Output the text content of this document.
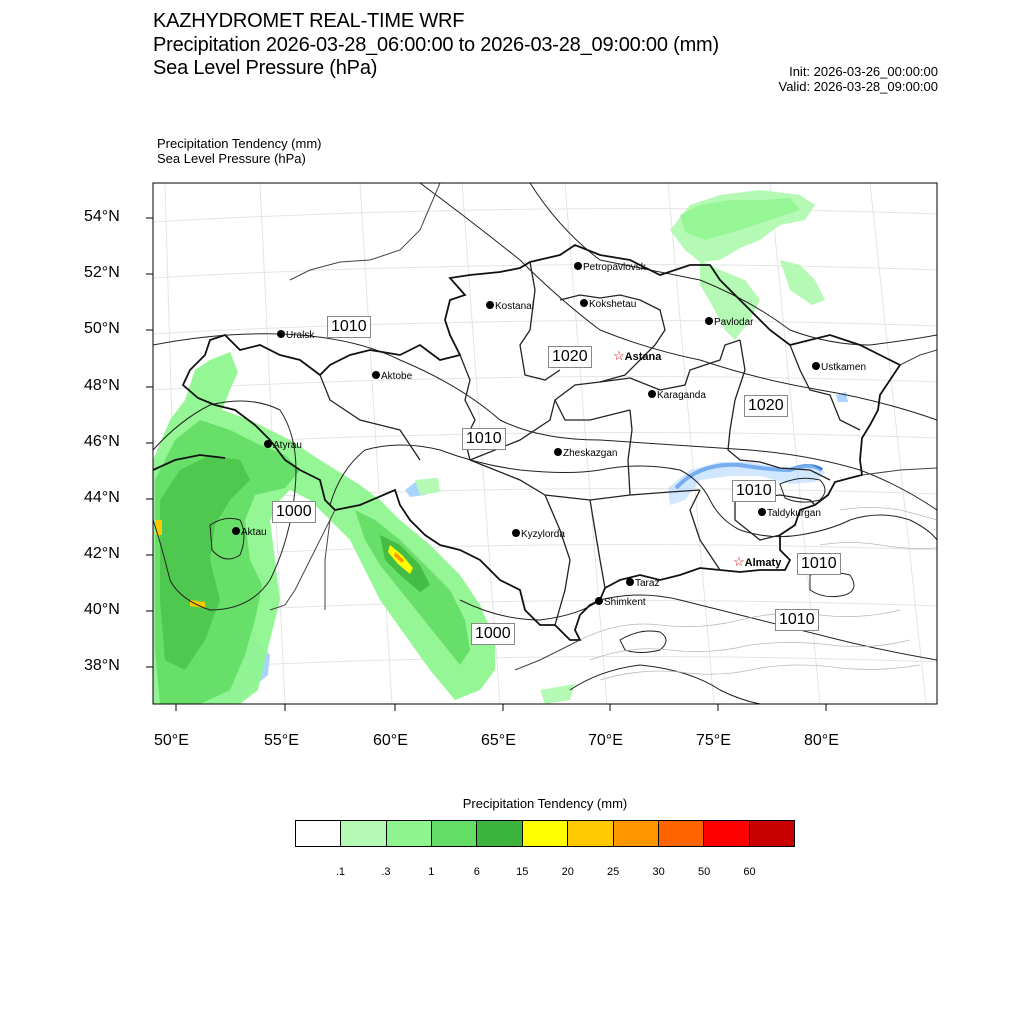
KAZHYDROMET REAL-TIME WRF
Precipitation 2026-03-28_06:00:00 to 2026-03-28_09:00:00 (mm)
Sea Level Pressure (hPa)	Init: 2026-03-26_00:00:00
Valid: 2026-03-28_09:00:00
Precipitation Tendency (mm)
Sea Level Pressure (hPa)
54°N
52°N
50°N
48°N
46°N
44°N
42°N
40°N
38°N
50°E	55°E	60°E	65°E	70°E	75°E	80°E
Petropavlovsk
Kostanai	Kokshetau
Uralsk
Pavlodar
☆Astana
Aktobe
Ustkamen
Karaganda
Atyrau
Zheskazgan
Aktau
Taldykurgan
Kyzylorda
☆Almaty
Taraz
Shimkent
1010
1020
1010
1000
1020
1010
1010
1000
1010
Precipitation Tendency (mm)
.1	.3	1	6	15	20	25	30	50	60
